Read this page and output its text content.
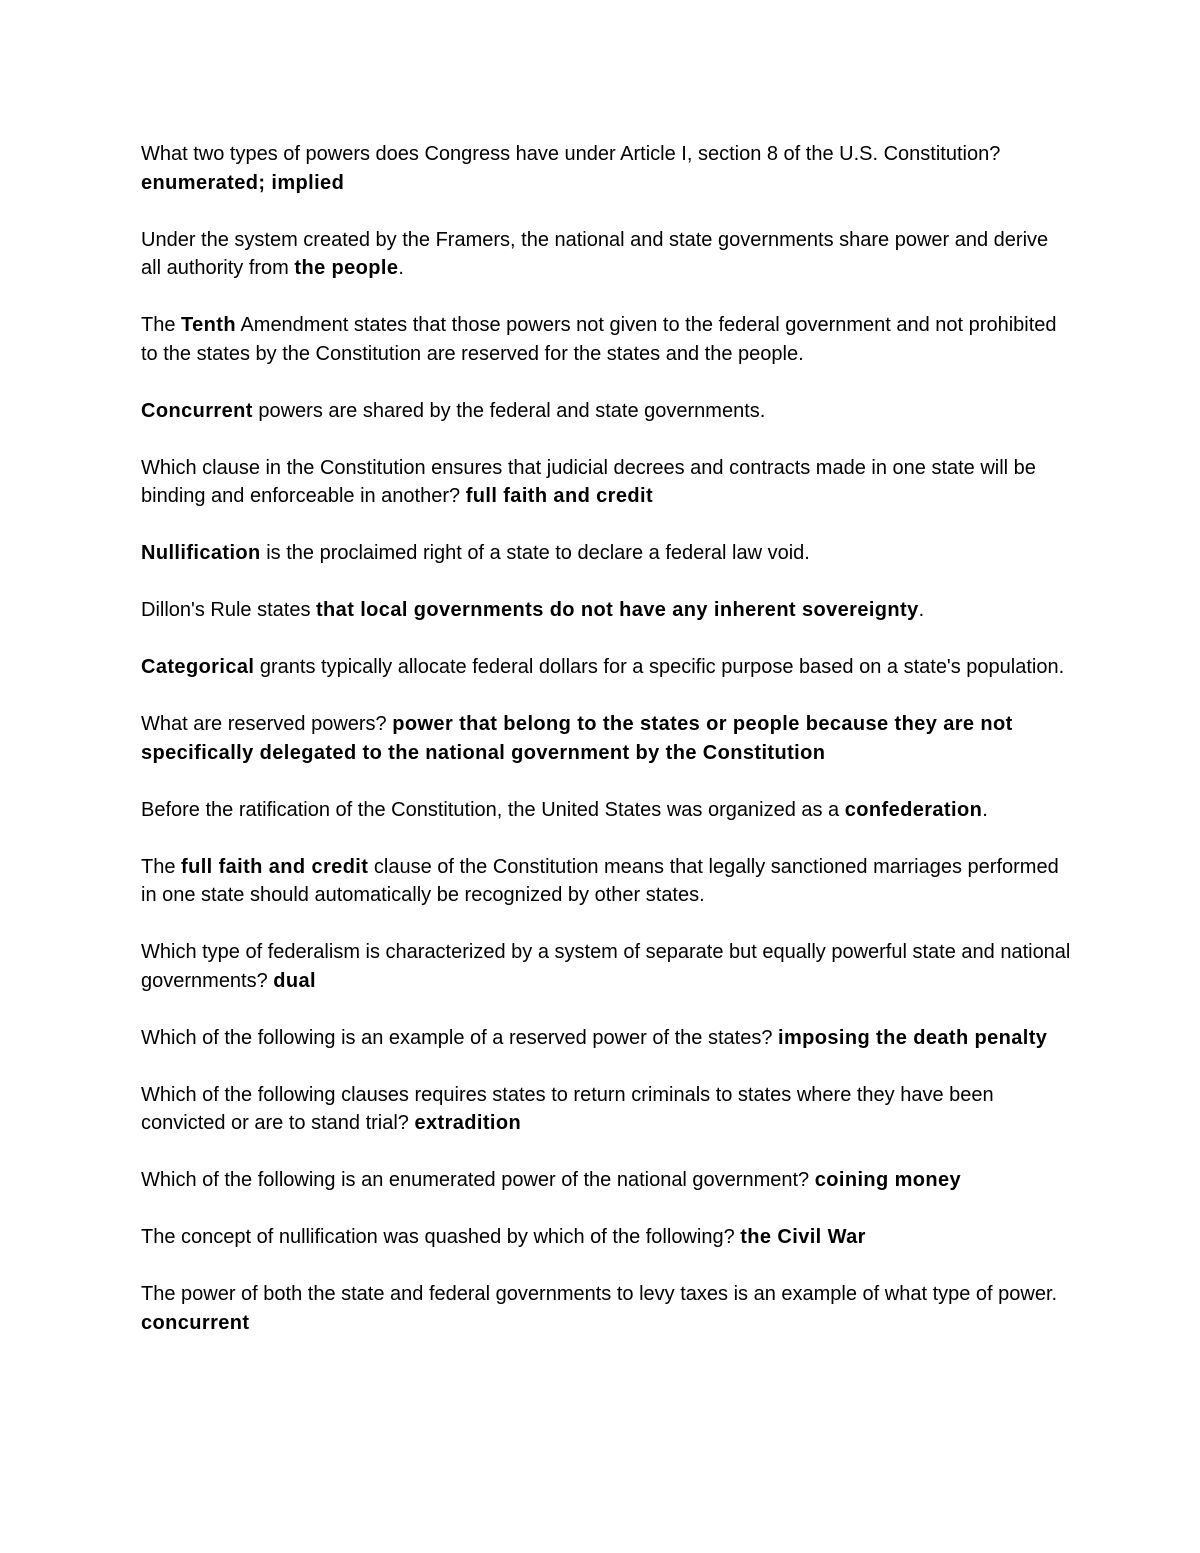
What two types of powers does Congress have under Article I, section 8 of the U.S. Constitution? enumerated; implied

Under the system created by the Framers, the national and state governments share power and derive all authority from the people.

The Tenth Amendment states that those powers not given to the federal government and not prohibited to the states by the Constitution are reserved for the states and the people.

Concurrent powers are shared by the federal and state governments.

Which clause in the Constitution ensures that judicial decrees and contracts made in one state will be binding and enforceable in another? full faith and credit

Nullification is the proclaimed right of a state to declare a federal law void.

Dillon's Rule states that local governments do not have any inherent sovereignty.

Categorical grants typically allocate federal dollars for a specific purpose based on a state's population.

What are reserved powers? power that belong to the states or people because they are not specifically delegated to the national government by the Constitution

Before the ratification of the Constitution, the United States was organized as a confederation.

The full faith and credit clause of the Constitution means that legally sanctioned marriages performed in one state should automatically be recognized by other states.

Which type of federalism is characterized by a system of separate but equally powerful state and national governments? dual

Which of the following is an example of a reserved power of the states? imposing the death penalty

Which of the following clauses requires states to return criminals to states where they have been convicted or are to stand trial? extradition

Which of the following is an enumerated power of the national government? coining money

The concept of nullification was quashed by which of the following? the Civil War

The power of both the state and federal governments to levy taxes is an example of what type of power. concurrent
